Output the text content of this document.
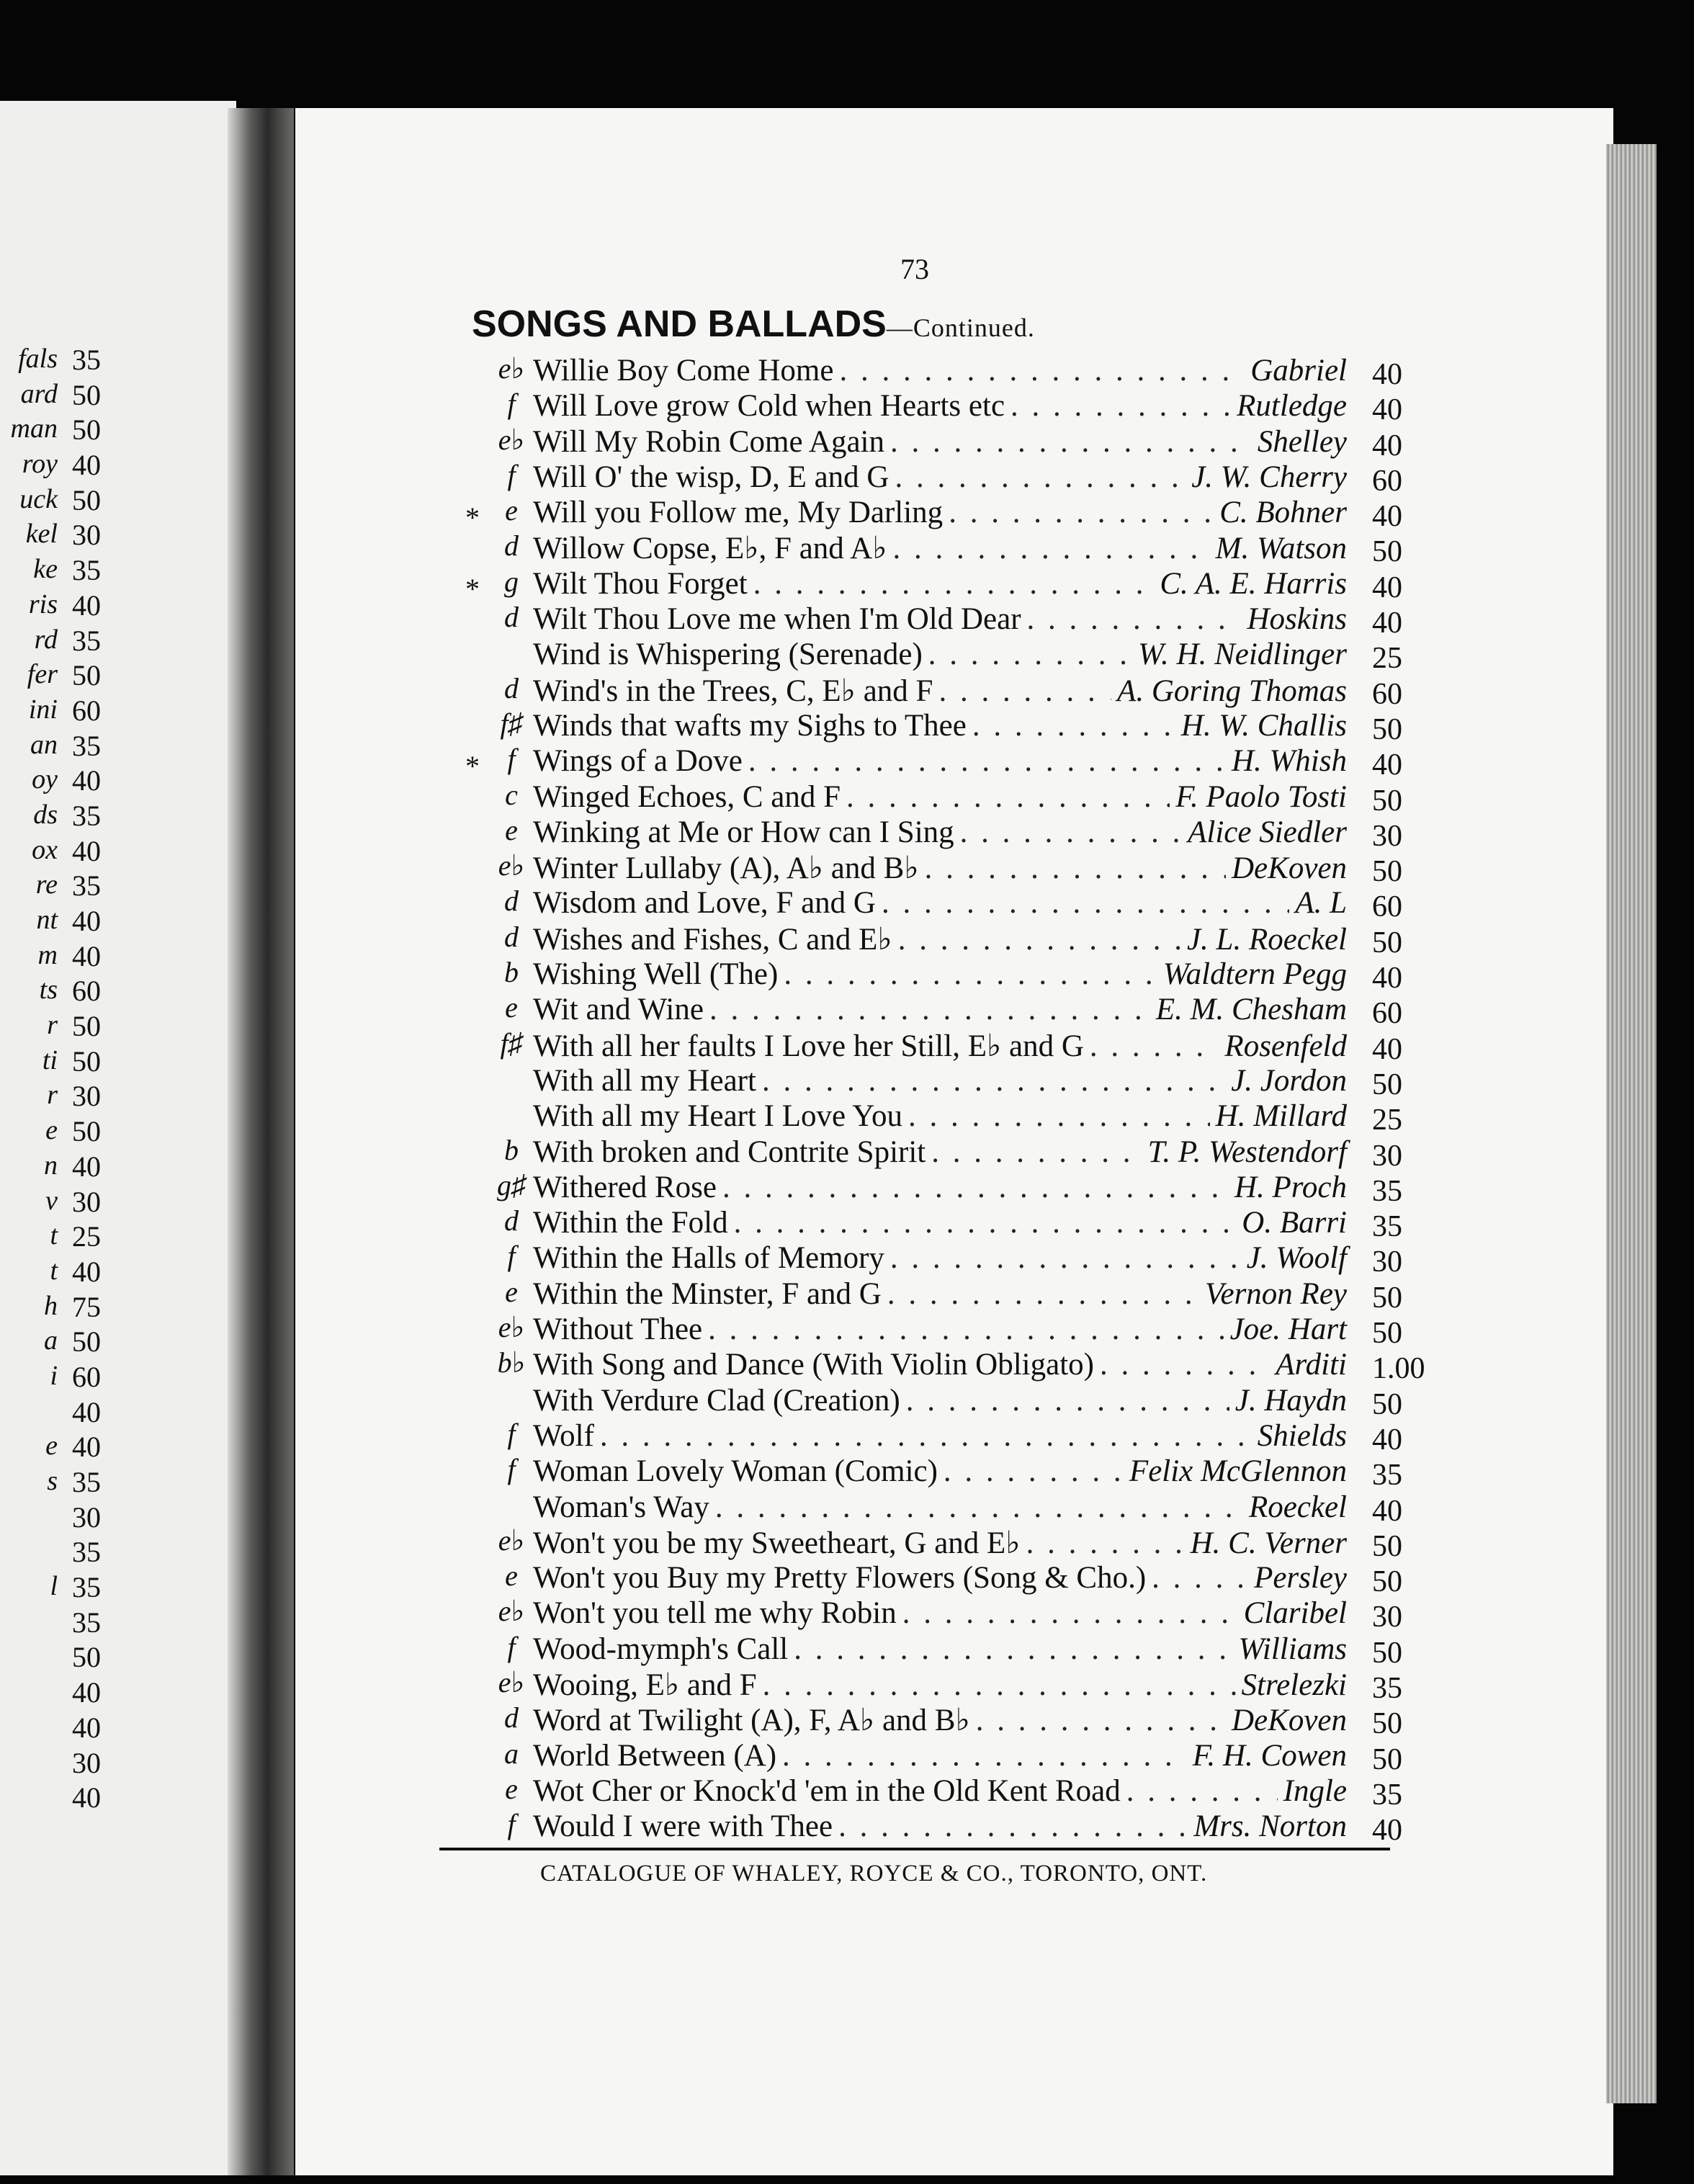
fals 35
ard 50
man 50
roy 40
uck 50
kel 30
ke 35
ris 40
rd 35
fer 50
ini 60
an 35
oy 40
ds 35
ox 40
re 35
nt 40
m 40
ts 60
r 50
ti 50
r 30
e 50
n 40
v 30
t 25
t 40
h 75
a 50
i 60
40
e 40
s 35
30
35
l 35
35
50
40
40
30
40
73
SONGS AND BALLADS—Continued.
e♭ Willie Boy Come Home . . .	Gabriel 40
f Will Love grow Cold when Hearts etc . . .	Rutledge 40
e♭ Will My Robin Come Again . . .	Shelley 40
f Will O' the wisp, D, E and G . . .	J. W. Cherry 60
* e Will you Follow me, My Darling . . .	C. Bohner 40
d Willow Copse, E♭, F and A♭ . . .	M. Watson 50
* g Wilt Thou Forget . . .	C. A. E. Harris 40
d Wilt Thou Love me when I'm Old Dear . . .	Hoskins 40
Wind is Whispering (Serenade) . . .	W. H. Neidlinger 25
d Wind's in the Trees, C, E♭ and F . . .	A. Goring Thomas 60
f♯ Winds that wafts my Sighs to Thee . . .	H. W. Challis 50
* f Wings of a Dove . . .	H. Whish 40
c Winged Echoes, C and F . . .	F. Paolo Tosti 50
e Winking at Me or How can I Sing . . .	Alice Siedler 30
e♭ Winter Lullaby (A), A♭ and B♭ . . .	DeKoven 50
d Wisdom and Love, F and G . . .	A. L 60
d Wishes and Fishes, C and E♭ . . .	J. L. Roeckel 50
b Wishing Well (The) . . .	Waldtern Pegg 40
e Wit and Wine . . .	E. M. Chesham 60
f♯ With all her faults I Love her Still, E♭ and G . . .	Rosenfeld 40
With all my Heart . . .	J. Jordon 50
With all my Heart I Love You . . .	H. Millard 25
b With broken and Contrite Spirit . . .	T. P. Westendorf 30
g♯ Withered Rose . . .	H. Proch 35
d Within the Fold . . .	O. Barri 35
f Within the Halls of Memory . . .	J. Woolf 30
e Within the Minster, F and G . . .	Vernon Rey 50
e♭ Without Thee . . .	Joe. Hart 50
b♭ With Song and Dance (With Violin Obligato) . . .	Arditi 1.00
With Verdure Clad (Creation) . . .	J. Haydn 50
f Wolf . . .	Shields 40
f Woman Lovely Woman (Comic) . . .	Felix McGlennon 35
Woman's Way . . .	Roeckel 40
e♭ Won't you be my Sweetheart, G and E♭ . . .	H. C. Verner 50
e Won't you Buy my Pretty Flowers (Song & Cho.) . . .	Persley 50
e♭ Won't you tell me why Robin . . .	Claribel 30
f Wood-mymph's Call . . .	Williams 50
e♭ Wooing, E♭ and F . . .	Strelezki 35
d Word at Twilight (A), F, A♭ and B♭ . . .	DeKoven 50
a World Between (A) . . .	F. H. Cowen 50
e Wot Cher or Knock'd 'em in the Old Kent Road . . .	Ingle 35
f Would I were with Thee . . .	Mrs. Norton 40
CATALOGUE OF WHALEY, ROYCE & CO., TORONTO, ONT.
